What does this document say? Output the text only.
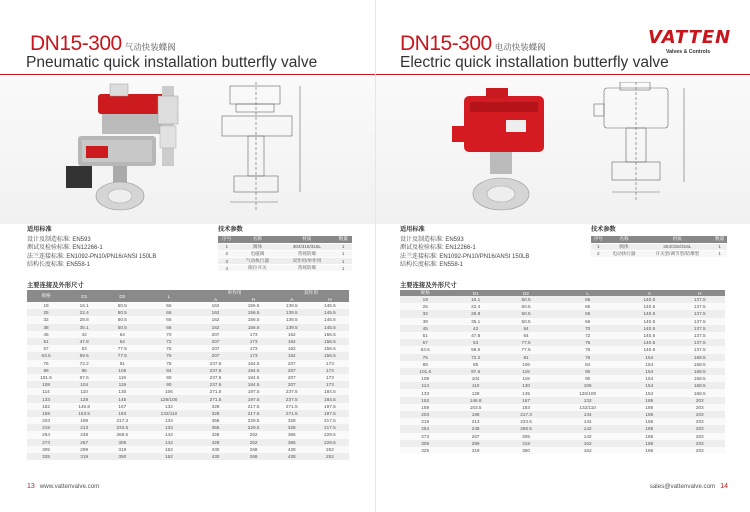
DN15-300 气动快装蝶阀
Pneumatic quick installation butterfly valve
适用标准
设计及制造标准: EN593
测试及检验标准: EN12266-1
法兰连接标准: EN1092-PN10/PN16/ANSI 150LB
结构长度标准: EN558-1
技术参数
序号	名称	材质	数量
1	阀体	304/316/316L	1
2	电磁阀	常规防爆	1
3	气动执行器	双作用/单作用	1
4	限位开关	常规防爆	1
主要连接及外形尺寸
规格	D1	D2	L	单作用		双作用	
				A	H	A	H
19	16.1	50.5	66	162	156.5	139.5	145.5
25	22.4	50.5	66	162	156.5	139.5	145.5
32	28.8	50.5	66	162	156.5	139.5	145.5
38	35.1	50.5	66	162	156.5	139.5	145.5
45	42	64	70	207	173	162	156.5
51	47.8	64	72	207	173	162	156.5
57	53	77.5	76	207	173	162	156.5
63.5	59.5	77.5	76	207	173	162	156.5
76	72.2	91	76	237.5	184.5	207	173
89	85	106	84	237.5	184.5	207	173
101.6	97.6	119	90	237.5	184.5	207	173
108	104	119	90	237.5	184.5	207	173
114	110	130	106	271.5	197.5	237.5	184.5
133	128	145	126/100	271.5	197.5	237.5	184.5
152	146.8	167	132	328	217.5	271.5	197.5
159	153.5	183	132/110	328	217.5	271.5	197.5
203	198	217.3	134	366	229.5	328	217.5
219	213	233.5	134	366	229.5	328	217.5
254	248	268.5	142	428	252	366	229.5
273	267	305	142	428	252	366	229.5
305	299	319	162	430	268	428	252
325	319	350	162	430	268	428	252
13 www.vattenvalve.com
DN15-300 电动快装蝶阀
Electric quick installation butterfly valve
VATTEN
Valves & Controls
适用标准
设计及制造标准: EN593
测试及检验标准: EN12266-1
法兰连接标准: EN1092-PN10/PN16/ANSI 150LB
结构长度标准: EN558-1
技术参数
序号	名称	材质	数量
1	阀体	304/316/316L	1
2	电动执行器	开关型/调节型/防爆型	1
主要连接及外形尺寸
规格	D1	D2	L	A	H
19	16.1	50.5	66	140.5	137.5
25	22.4	50.5	66	140.5	137.5
32	28.8	50.5	66	140.5	137.5
38	35.1	50.5	66	140.5	137.5
45	42	64	70	140.5	137.5
51	47.8	64	72	140.5	137.5
57	53	77.5	76	140.5	137.5
63.5	59.5	77.5	76	140.5	137.5
76	72.2	91	76	154	168.5
89	85	106	84	154	168.5
101.6	97.6	119	90	154	168.5
108	104	119	90	154	168.5
114	110	130	106	154	168.5
133	128	145	126/100	154	168.5
152	146.8	167	132	186	203
159	153.5	183	132/110	186	203
203	198	217.3	134	186	203
219	213	233.5	134	186	203
254	248	268.5	142	186	203
273	267	305	142	186	203
305	299	319	162	186	203
325	319	350	162	186	203
sales@vattenvalve.com 14
